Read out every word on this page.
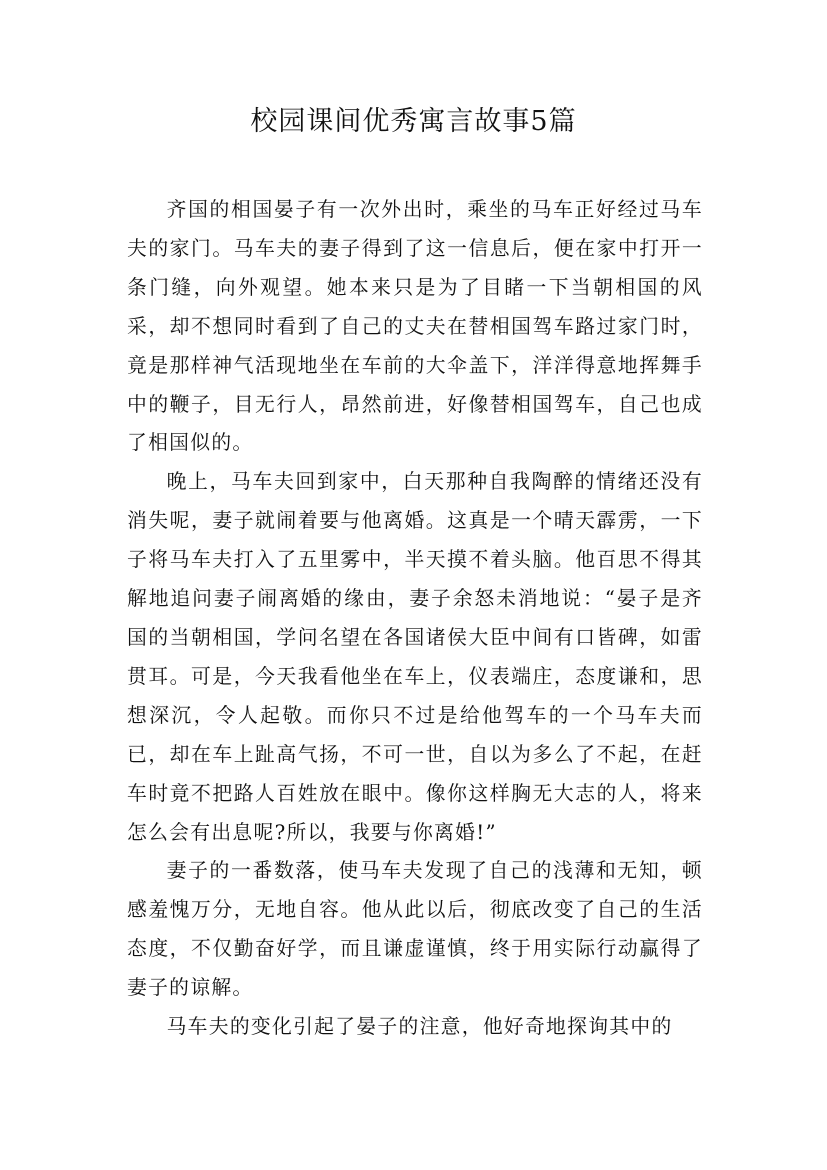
校园课间优秀寓言故事5篇

齐国的相国晏子有一次外出时，乘坐的马车正好经过马车夫的家门。马车夫的妻子得到了这一信息后，便在家中打开一条门缝，向外观望。她本来只是为了目睹一下当朝相国的风采，却不想同时看到了自己的丈夫在替相国驾车路过家门时，竟是那样神气活现地坐在车前的大伞盖下，洋洋得意地挥舞手中的鞭子，目无行人，昂然前进，好像替相国驾车，自己也成了相国似的。

晚上，马车夫回到家中，白天那种自我陶醉的情绪还没有消失呢，妻子就闹着要与他离婚。这真是一个晴天霹雳，一下子将马车夫打入了五里雾中，半天摸不着头脑。他百思不得其解地追问妻子闹离婚的缘由，妻子余怒未消地说：“晏子是齐国的当朝相国，学问名望在各国诸侯大臣中间有口皆碑，如雷贯耳。可是，今天我看他坐在车上，仪表端庄，态度谦和，思想深沉，令人起敬。而你只不过是给他驾车的一个马车夫而已，却在车上趾高气扬，不可一世，自以为多么了不起，在赶车时竟不把路人百姓放在眼中。像你这样胸无大志的人，将来怎么会有出息呢?所以，我要与你离婚!”

妻子的一番数落，使马车夫发现了自己的浅薄和无知，顿感羞愧万分，无地自容。他从此以后，彻底改变了自己的生活态度，不仅勤奋好学，而且谦虚谨慎，终于用实际行动赢得了妻子的谅解。

马车夫的变化引起了晏子的注意，他好奇地探询其中的
